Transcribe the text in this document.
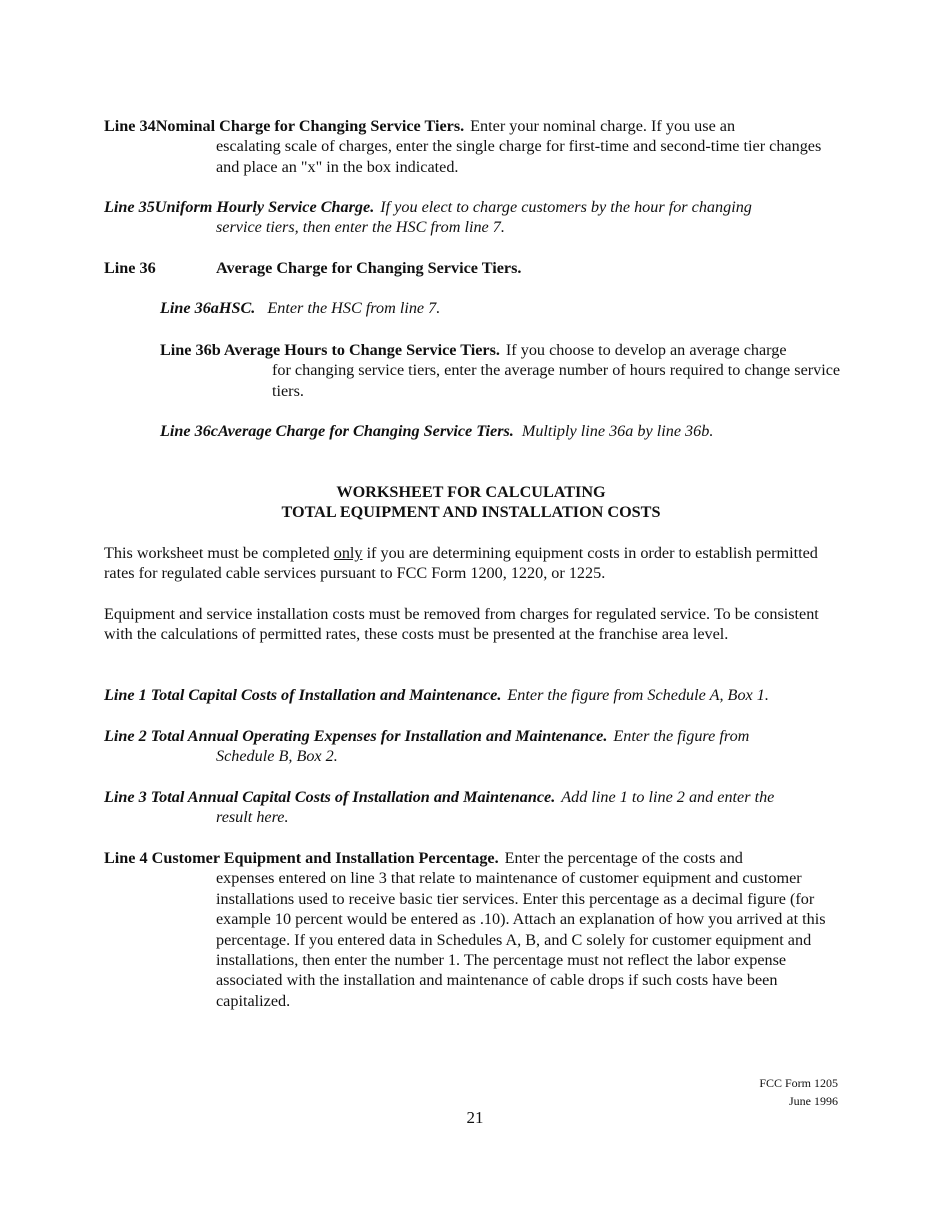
Line 34Nominal Charge for Changing Service Tiers. Enter your nominal charge. If you use an
escalating scale of charges, enter the single charge for first-time and second-time tier changes and place an "x" in the box indicated.
Line 35Uniform Hourly Service Charge. If you elect to charge customers by the hour for changing
service tiers, then enter the HSC from line 7.
Line 36	Average Charge for Changing Service Tiers.
Line 36aHSC. Enter the HSC from line 7.
Line 36b Average Hours to Change Service Tiers. If you choose to develop an average charge
for changing service tiers, enter the average number of hours required to change service tiers.
Line 36cAverage Charge for Changing Service Tiers. Multiply line 36a by line 36b.
WORKSHEET FOR CALCULATING
TOTAL EQUIPMENT AND INSTALLATION COSTS
This worksheet must be completed only if you are determining equipment costs in order to establish permitted rates for regulated cable services pursuant to FCC Form 1200, 1220, or 1225.
Equipment and service installation costs must be removed from charges for regulated service. To be consistent with the calculations of permitted rates, these costs must be presented at the franchise area level.
Line 1 Total Capital Costs of Installation and Maintenance. Enter the figure from Schedule A, Box 1.
Line 2 Total Annual Operating Expenses for Installation and Maintenance. Enter the figure from
Schedule B, Box 2.
Line 3 Total Annual Capital Costs of Installation and Maintenance. Add line 1 to line 2 and enter the
result here.
Line 4 Customer Equipment and Installation Percentage. Enter the percentage of the costs and
expenses entered on line 3 that relate to maintenance of customer equipment and customer installations used to receive basic tier services. Enter this percentage as a decimal figure (for example 10 percent would be entered as .10). Attach an explanation of how you arrived at this percentage. If you entered data in Schedules A, B, and C solely for customer equipment and installations, then enter the number 1. The percentage must not reflect the labor expense associated with the installation and maintenance of cable drops if such costs have been capitalized.
FCC Form 1205
June 1996
21
